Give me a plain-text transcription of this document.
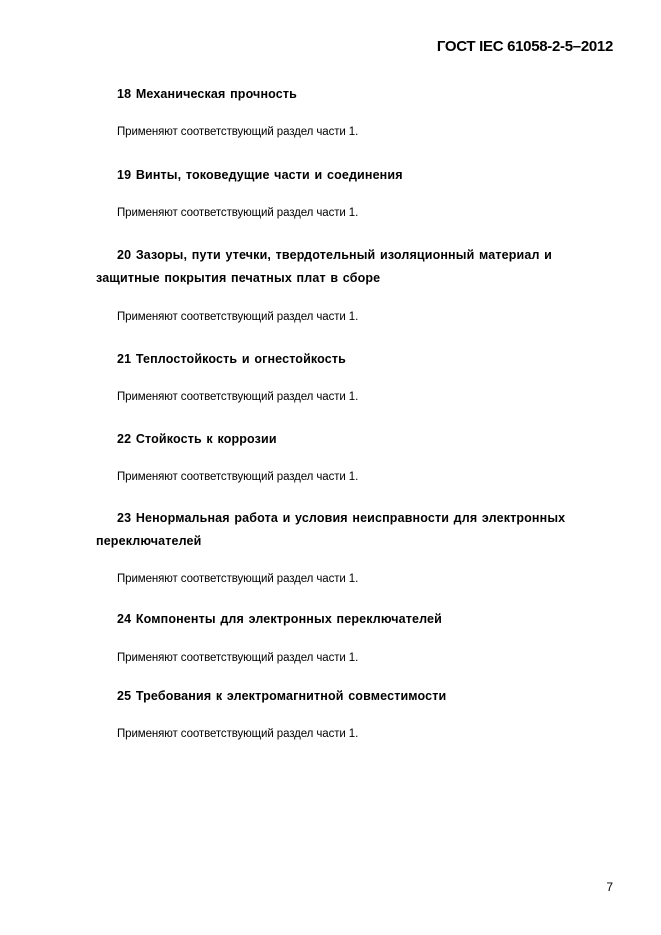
ГОСТ IEC 61058-2-5–2012

18 Механическая прочность

Применяют соответствующий раздел части 1.

19 Винты, токоведущие части и соединения

Применяют соответствующий раздел части 1.

20 Зазоры, пути утечки, твердотельный изоляционный материал и защитные покрытия печатных плат в сборе

Применяют соответствующий раздел части 1.

21 Теплостойкость и огнестойкость

Применяют соответствующий раздел части 1.

22 Стойкость к коррозии

Применяют соответствующий раздел части 1.

23 Ненормальная работа и условия неисправности для электронных переключателей

Применяют соответствующий раздел части 1.

24 Компоненты для электронных переключателей

Применяют соответствующий раздел части 1.

25 Требования к электромагнитной совместимости

Применяют соответствующий раздел части 1.

7
